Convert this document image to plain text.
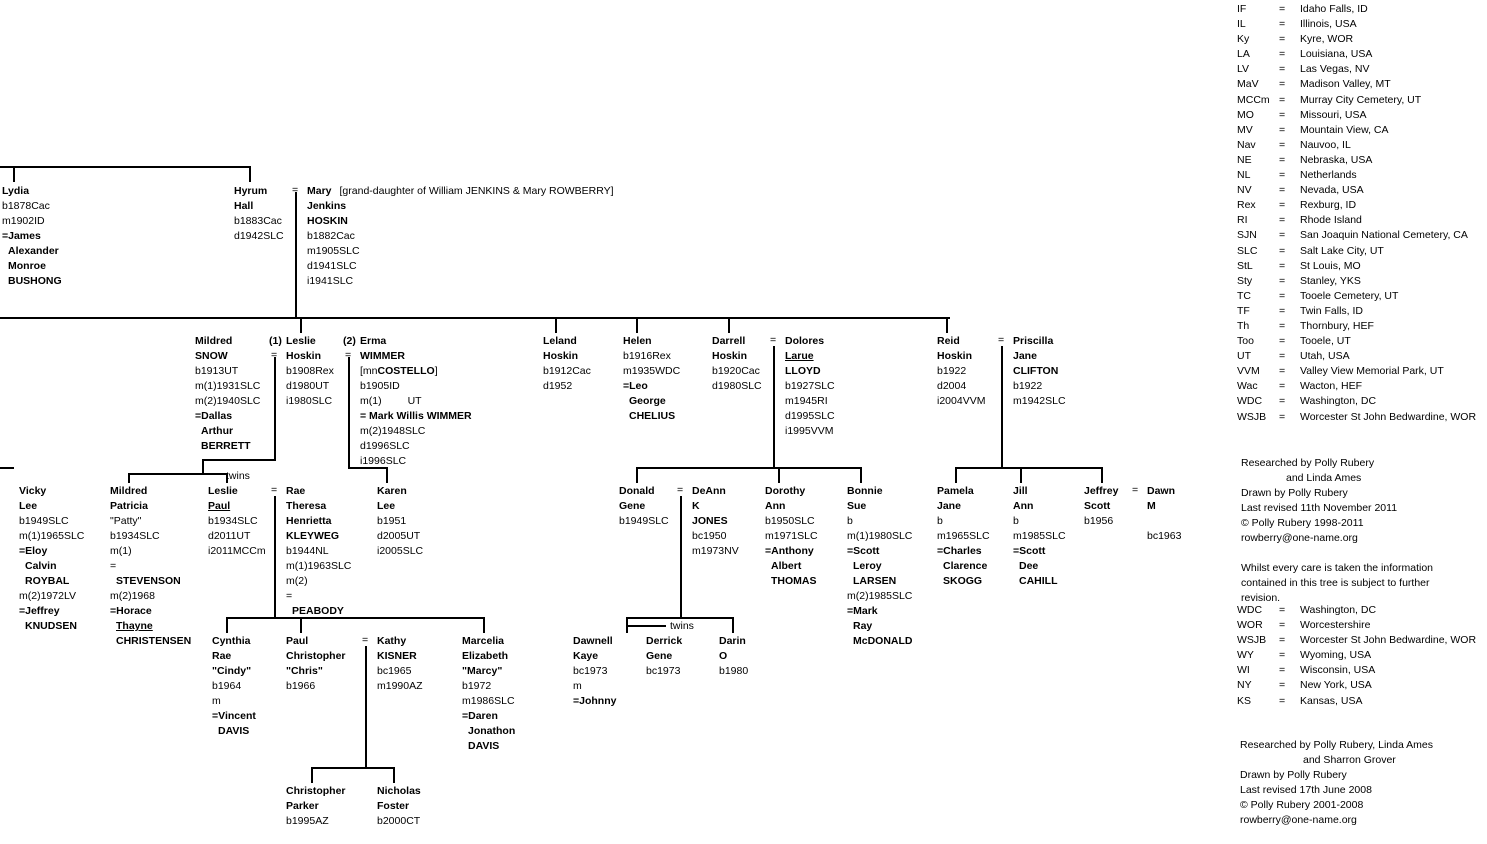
=
=	=
=	=
=	=
=
Lydia
b1878Cac
m1902ID
=James
Alexander
Monroe
BUSHONG
Hyrum
Hall
b1883Cac
d1942SLC
Mary [grand-daughter of William JENKINS & Mary ROWBERRY]
Jenkins
HOSKIN
b1882Cac
m1905SLC
d1941SLC
i1941SLC
Mildred
SNOW
b1913UT
m(1)1931SLC
m(2)1940SLC
=Dallas
Arthur
BERRETT
(1) Leslie
Hoskin
b1908Rex
d1980UT
i1980SLC
(2) Erma
WIMMER
[mnCOSTELLO]
b1905ID
m(1) UT
= Mark Willis WIMMER
m(2)1948SLC
d1996SLC
i1996SLC
Leland
Hoskin
b1912Cac
d1952
Helen
b1916Rex
m1935WDC
=Leo
George
CHELIUS
Darrell
Hoskin
b1920Cac
d1980SLC
Dolores
Larue
LLOYD
b1927SLC
m1945RI
d1995SLC
i1995VVM
Reid
Hoskin
b1922
d2004
i2004VVM
Priscilla
Jane
CLIFTON
b1922
m1942SLC
Vicky
Lee
b1949SLC
m(1)1965SLC
=Eloy
Calvin
ROYBAL
m(2)1972LV
=Jeffrey
KNUDSEN
Mildred
Patricia
"Patty"
b1934SLC
m(1)
=
STEVENSON
m(2)1968
=Horace
Thayne
CHRISTENSEN
twins
Leslie
Paul
b1934SLC
d2011UT
i2011MCCm
Rae
Theresa
Henrietta
KLEYWEG
b1944NL
m(1)1963SLC
m(2)
=
PEABODY
Karen
Lee
b1951
d2005UT
i2005SLC
Donald
Gene
b1949SLC
DeAnn
K
JONES
bc1950
m1973NV
Dorothy
Ann
b1950SLC
m1971SLC
=Anthony
Albert
THOMAS
Bonnie
Sue
b
m(1)1980SLC
=Scott
Leroy
LARSEN
m(2)1985SLC
=Mark
Ray
McDONALD
Pamela
Jane
b
m1965SLC
=Charles
Clarence
SKOGG
Jill
Ann
b
m1985SLC
=Scott
Dee
CAHILL
Jeffrey
Scott
b1956
= Dawn
M
bc1963
Cynthia
Rae
"Cindy"
b1964
m
=Vincent
DAVIS
Paul
Christopher
"Chris"
b1966
Kathy
KISNER
bc1965
m1990AZ
Marcelia
Elizabeth
"Marcy"
b1972
m1986SLC
=Daren
Jonathon
DAVIS
Dawnell
Kaye
bc1973
m
=Johnny
twins
Derrick
Gene
bc1973
Darin
O
b1980
Christopher
Parker
b1995AZ
Nicholas
Foster
b2000CT
IF	= Idaho Falls, ID
IL	= Illinois, USA
Ky	= Kyre, WOR
LA	= Louisiana, USA
LV	= Las Vegas, NV
MaV = Madison Valley, MT
MCCm = Murray City Cemetery, UT
MO = Missouri, USA
MV	= Mountain View, CA
Nav = Nauvoo, IL
NE	= Nebraska, USA
NL	= Netherlands
NV	= Nevada, USA
Rex = Rexburg, ID
RI	= Rhode Island
SJN = San Joaquin National Cemetery, CA
SLC = Salt Lake City, UT
StL = St Louis, MO
Sty	= Stanley, YKS
TC	= Tooele Cemetery, UT
TF	= Twin Falls, ID
Th	= Thornbury, HEF
Too = Tooele, UT
UT	= Utah, USA
VVM = Valley View Memorial Park, UT
Wac = Wacton, HEF
WDC = Washington, DC
WSJB = Worcester St John Bedwardine, WOR
Researched by Polly Rubery
and Linda Ames
Drawn by Polly Rubery
Last revised 11th November 2011
© Polly Rubery 1998-2011
rowberry@one-name.org
Whilst every care is taken the information
contained in this tree is subject to further
revision.
WDC = Washington, DC
WOR = Worcestershire
WSJB = Worcester St John Bedwardine, WOR
WY = Wyoming, USA
WI	= Wisconsin, USA
NY	= New York, USA
KS	= Kansas, USA
Researched by Polly Rubery, Linda Ames
and Sharron Grover
Drawn by Polly Rubery
Last revised 17th June 2008
© Polly Rubery 2001-2008
rowberry@one-name.org
